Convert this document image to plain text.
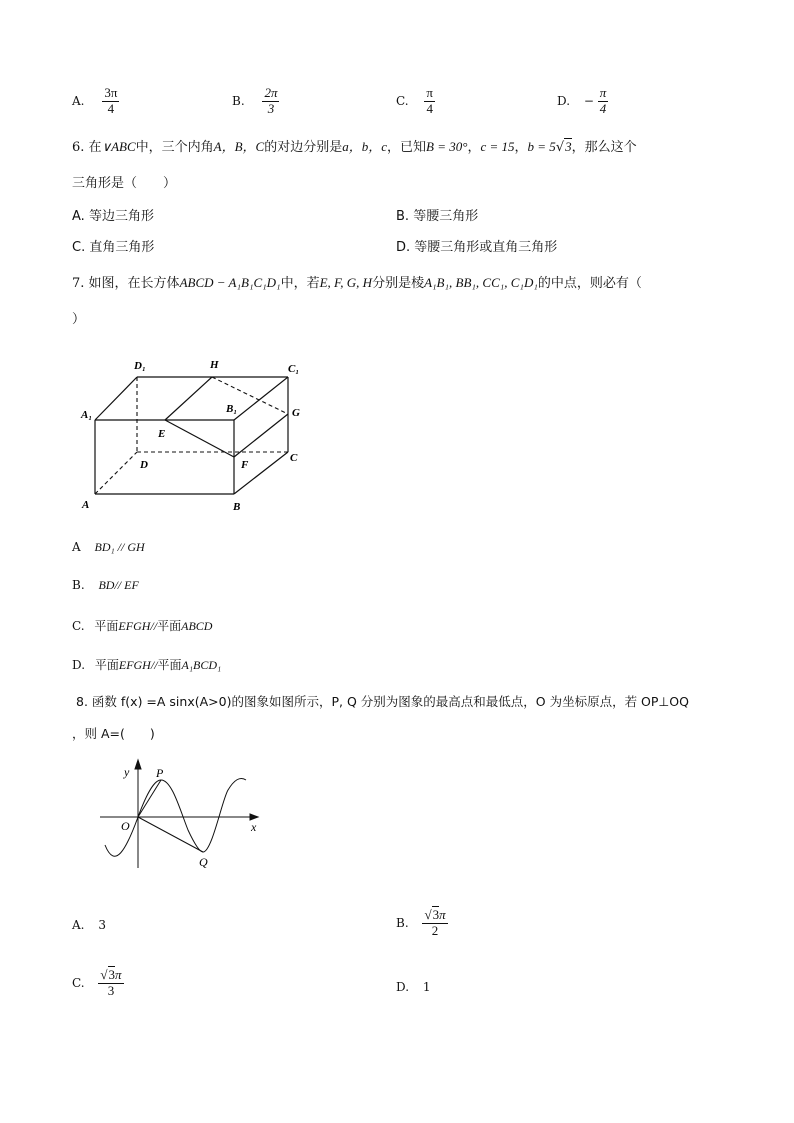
A. $\frac{3\pi}{4}$	B. $\frac{2\pi}{3}$	C. $\frac{\pi}{4}$	D. − $\frac{\pi}{4}$
6. 在∨ABC中，三个内角A，B，C的对边分别是a，b，c，已知B = 30°，c = 15，b = 5√3，那么这个
三角形是（　　）
A. 等边三角形	B. 等腰三角形
C. 直角三角形	D. 等腰三角形或直角三角形
7. 如图，在长方体ABCD − A₁B₁C₁D₁中，若E, F, G, H分别是棱A₁B₁, BB₁, CC₁, C₁D₁的中点，则必有（
）
D₁	H	C₁
A₁	B₁	G
E
D	F
C
A	B
A BD₁ // GH
B. BD// EF
C. 平面EFGH//平面ABCD
D. 平面EFGH//平面A₁BCD₁
8. 函数 f(x) =A sinx(A>0)的图象如图所示，P, Q 分别为图象的最高点和最低点，O 为坐标原点，若 OP⊥OQ
，则 A=(　　)
y P
O	x
Q
A. 3	B. $\frac{√3\pi}{2}$
C. $\frac{√3\pi}{3}$	D. 1
